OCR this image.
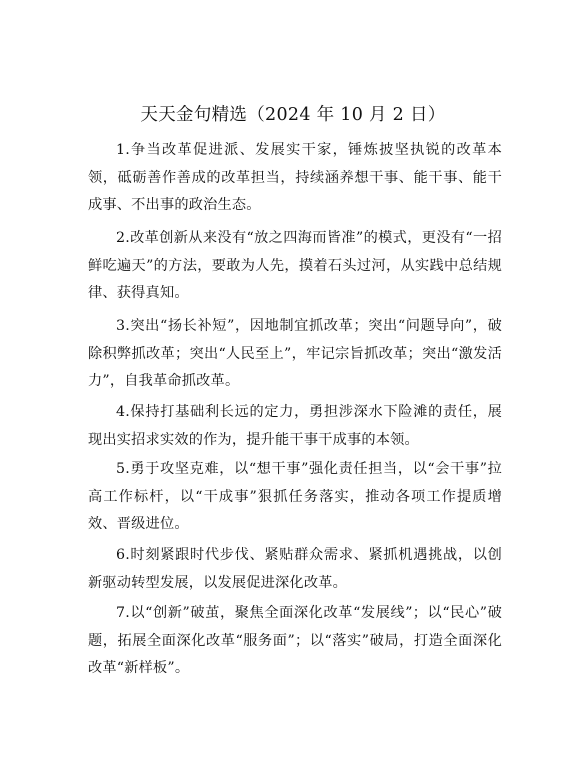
天天金句精选（2024 年 10 月 2 日）

1.争当改革促进派、发展实干家，锤炼披坚执锐的改革本领，砥砺善作善成的改革担当，持续涵养想干事、能干事、能干成事、不出事的政治生态。

2.改革创新从来没有“放之四海而皆准”的模式，更没有“一招鲜吃遍天”的方法，要敢为人先，摸着石头过河，从实践中总结规律、获得真知。

3.突出“扬长补短”，因地制宜抓改革；突出“问题导向”，破除积弊抓改革；突出“人民至上”，牢记宗旨抓改革；突出“激发活力”，自我革命抓改革。

4.保持打基础利长远的定力，勇担涉深水下险滩的责任，展现出实招求实效的作为，提升能干事干成事的本领。

5.勇于攻坚克难，以“想干事”强化责任担当，以“会干事”拉高工作标杆，以“干成事”狠抓任务落实，推动各项工作提质增效、晋级进位。

6.时刻紧跟时代步伐、紧贴群众需求、紧抓机遇挑战，以创新驱动转型发展，以发展促进深化改革。

7.以“创新”破茧，聚焦全面深化改革“发展线”；以“民心”破题，拓展全面深化改革“服务面”；以“落实”破局，打造全面深化改革“新样板”。
